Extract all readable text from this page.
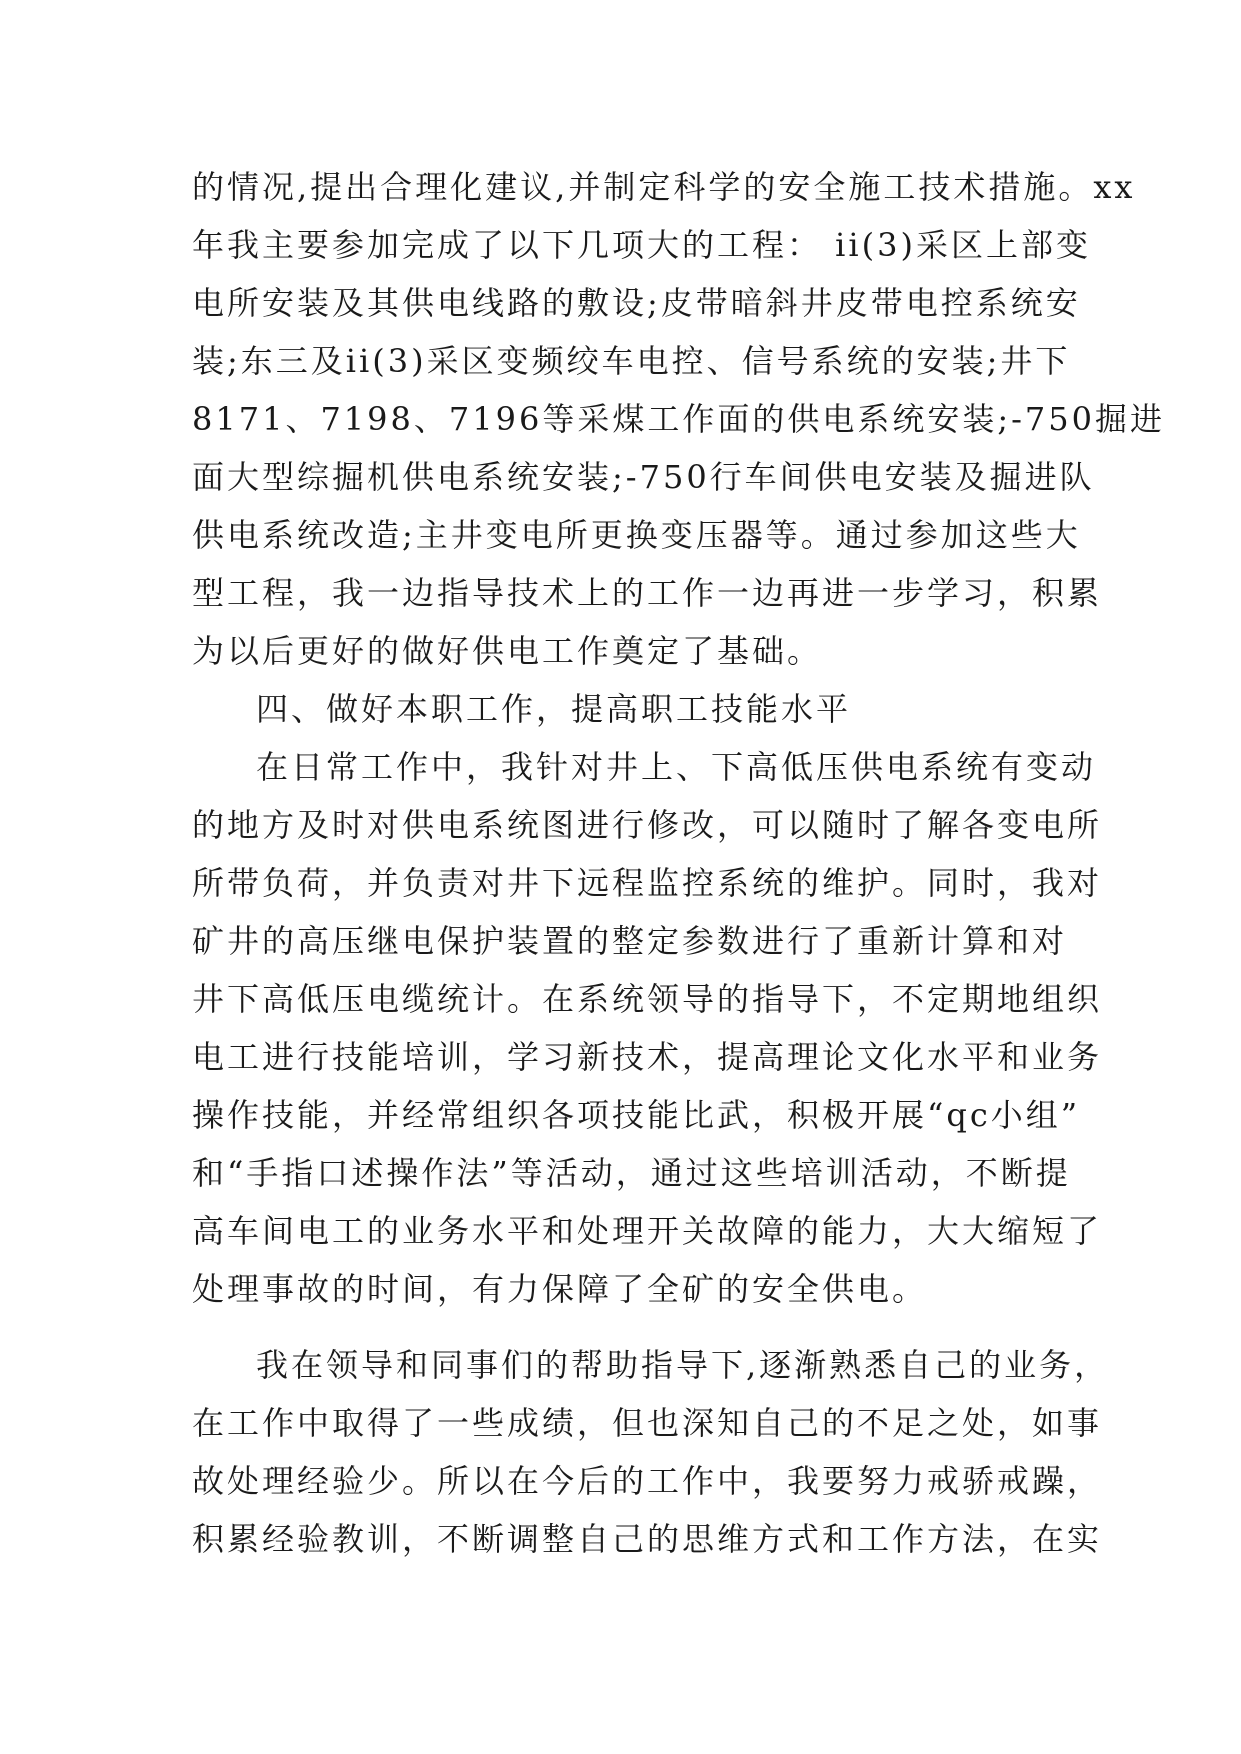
的情况,提出合理化建议,并制定科学的安全施工技术措施。xx
年我主要参加完成了以下几项大的工程： ii(3)采区上部变
电所安装及其供电线路的敷设;皮带暗斜井皮带电控系统安
装;东三及ii(3)采区变频绞车电控、信号系统的安装;井下
8171、7198、7196等采煤工作面的供电系统安装;-750掘进
面大型综掘机供电系统安装;-750行车间供电安装及掘进队
供电系统改造;主井变电所更换变压器等。通过参加这些大
型工程，我一边指导技术上的工作一边再进一步学习，积累
为以后更好的做好供电工作奠定了基础。
四、做好本职工作，提高职工技能水平
在日常工作中，我针对井上、下高低压供电系统有变动
的地方及时对供电系统图进行修改，可以随时了解各变电所
所带负荷，并负责对井下远程监控系统的维护。同时，我对
矿井的高压继电保护装置的整定参数进行了重新计算和对
井下高低压电缆统计。在系统领导的指导下，不定期地组织
电工进行技能培训，学习新技术，提高理论文化水平和业务
操作技能，并经常组织各项技能比武，积极开展“qc小组”
和“手指口述操作法”等活动，通过这些培训活动，不断提
高车间电工的业务水平和处理开关故障的能力，大大缩短了
处理事故的时间，有力保障了全矿的安全供电。
我在领导和同事们的帮助指导下,逐渐熟悉自己的业务，
在工作中取得了一些成绩，但也深知自己的不足之处，如事
故处理经验少。所以在今后的工作中，我要努力戒骄戒躁，
积累经验教训，不断调整自己的思维方式和工作方法，在实
